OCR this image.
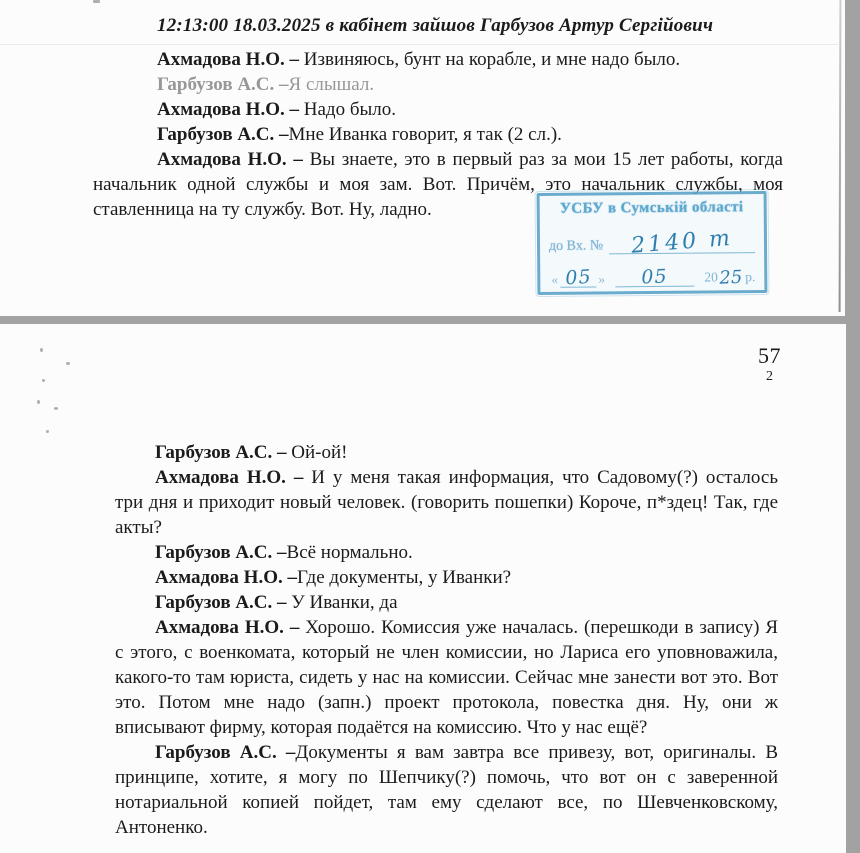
12:13:00 18.03.2025 в кабінет зайшов Гарбузов Артур Сергійович

Ахмадова Н.О. – Извиняюсь, бунт на корабле, и мне надо было.

Гарбузов А.С. –Я слышал.

Ахмадова Н.О. – Надо было.

Гарбузов А.С. –Мне Иванка говорит, я так (2 сл.).

Ахмадова Н.О. – Вы знаете, это в первый раз за мои 15 лет работы, когда начальник одной службы и моя зам. Вот. Причём, это начальник службы, моя ставленница на ту службу. Вот. Ну, ладно.	УСБУ в Сумській області
до Вх. №	2140 т
« 05 »	05	2025 р.
57
2

Гарбузов А.С. – Ой-ой!

Ахмадова Н.О. – И у меня такая информация, что Садовому(?) осталось три дня и приходит новый человек. (говорить пошепки) Короче, п*здец! Так, где акты?

Гарбузов А.С. –Всё нормально.

Ахмадова Н.О. –Где документы, у Иванки?

Гарбузов А.С. – У Иванки, да

Ахмадова Н.О. – Хорошо. Комиссия уже началась. (перешкоди в запису) Я с этого, с военкомата, который не член комиссии, но Лариса его уповноважила, какого-то там юриста, сидеть у нас на комиссии. Сейчас мне занести вот это. Вот это. Потом мне надо (запн.) проект протокола, повестка дня. Ну, они ж вписывают фирму, которая подаётся на комиссию. Что у нас ещё?

Гарбузов А.С. –Документы я вам завтра все привезу, вот, оригиналы. В принципе, хотите, я могу по Шепчику(?) помочь, что вот он с заверенной нотариальной копией пойдет, там ему сделают все, по Шевченковскому, Антоненко.
